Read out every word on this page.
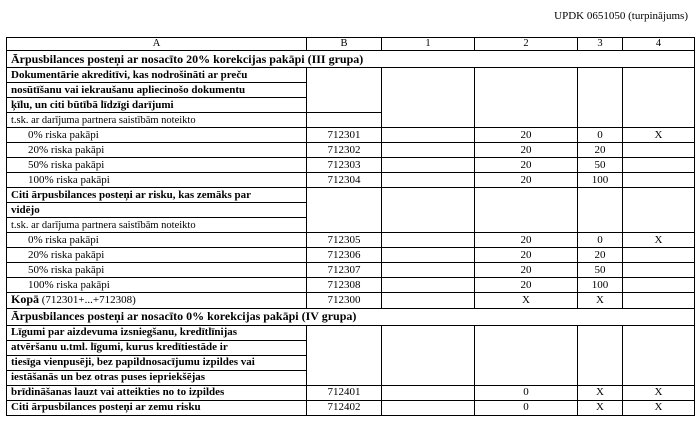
UPDK 0651050 (turpinājums)
A	B	1	2	3	4
Ārpusbilances posteņi ar nosacīto 20% korekcijas pakāpi (III grupa)					
Dokumentārie akreditīvi, kas nodrošināti ar preču					
nosūtīšanu vai iekraušanu apliecinošo dokumentu					
ķīlu, un citi būtībā līdzīgi darījumi					
t.sk. ar darījuma partnera saistībām noteikto					
0% riska pakāpi	712301		20	0	X
20% riska pakāpi	712302		20	20	
50% riska pakāpi	712303		20	50	
100% riska pakāpi	712304		20	100	
Citi ārpusbilances posteņi ar risku, kas zemāks par					
vidējo					
t.sk. ar darījuma partnera saistībām noteikto					
0% riska pakāpi	712305		20	0	X
20% riska pakāpi	712306		20	20	
50% riska pakāpi	712307		20	50	
100% riska pakāpi	712308		20	100	
Kopā (712301+...+712308)	712300		X	X	
Ārpusbilances posteņi ar nosacīto 0% korekcijas pakāpi (IV grupa)					
Līgumi par aizdevuma izsniegšanu, kredītlīnijas					
atvēršanu u.tml. līgumi, kurus kredītiestāde ir					
tiesīga vienpusēji, bez papildnosacījumu izpildes vai					
iestāšanās un bez otras puses iepriekšējas					
brīdināšanas lauzt vai atteikties no to izpildes	712401		0	X	X
Citi ārpusbilances posteņi ar zemu risku	712402		0	X	X
